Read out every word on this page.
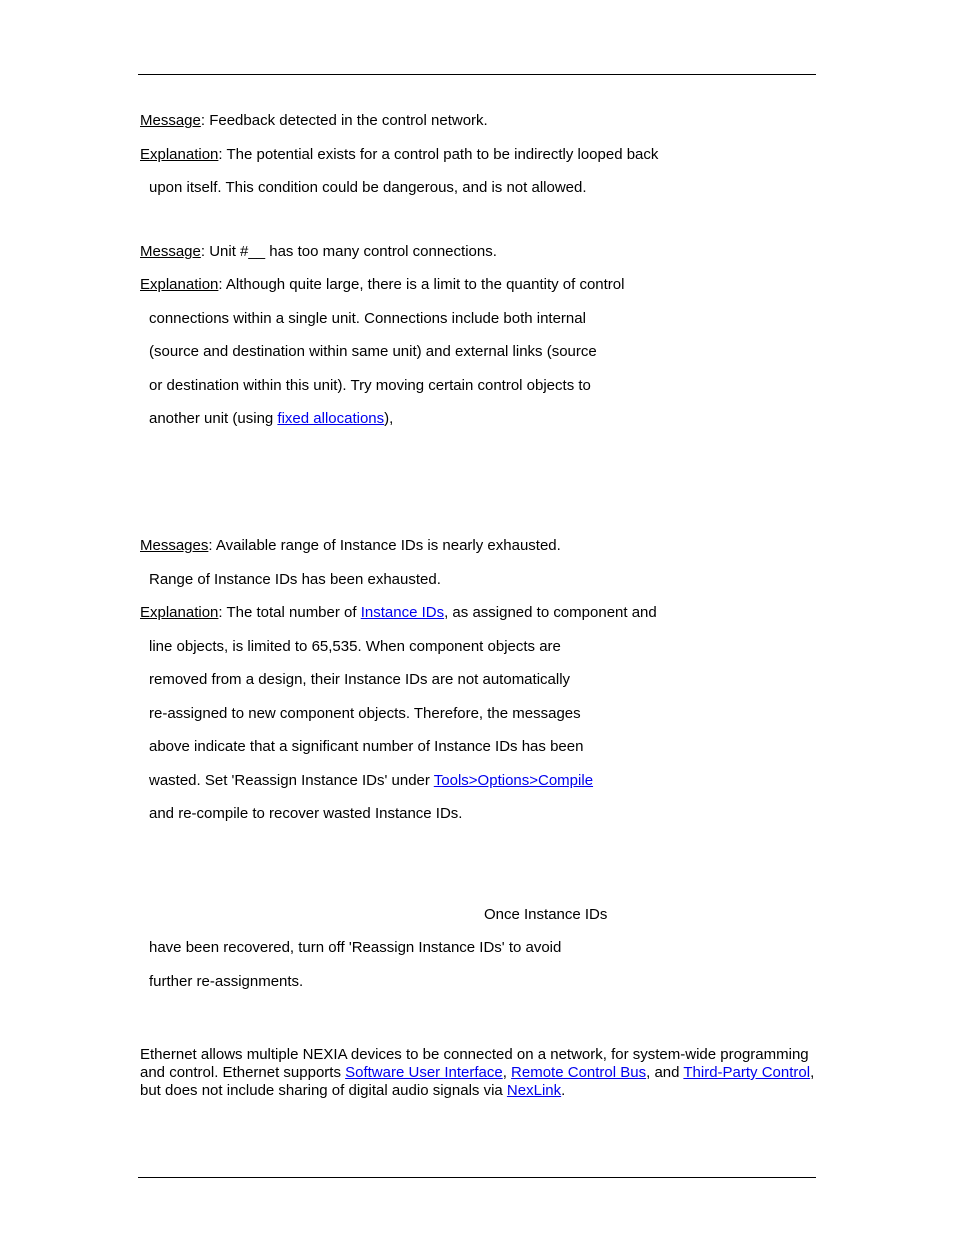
Message: Feedback detected in the control network.
Explanation: The potential exists for a control path to be indirectly looped back
upon itself. This condition could be dangerous, and is not allowed.
Message: Unit #__ has too many control connections.
Explanation: Although quite large, there is a limit to the quantity of control
connections within a single unit. Connections include both internal
(source and destination within same unit) and external links (source
or destination within this unit). Try moving certain control objects to
another unit (using fixed allocations),
Messages: Available range of Instance IDs is nearly exhausted.
Range of Instance IDs has been exhausted.
Explanation: The total number of Instance IDs, as assigned to component and
line objects, is limited to 65,535. When component objects are
removed from a design, their Instance IDs are not automatically
re-assigned to new component objects. Therefore, the messages
above indicate that a significant number of Instance IDs has been
wasted. Set 'Reassign Instance IDs' under Tools>Options>Compile
and re-compile to recover wasted Instance IDs.
Once Instance IDs
have been recovered, turn off 'Reassign Instance IDs' to avoid
further re-assignments.
Ethernet allows multiple NEXIA devices to be connected on a network, for system-wide programming and control. Ethernet supports Software User Interface, Remote Control Bus, and Third-Party Control, but does not include sharing of digital audio signals via NexLink.
